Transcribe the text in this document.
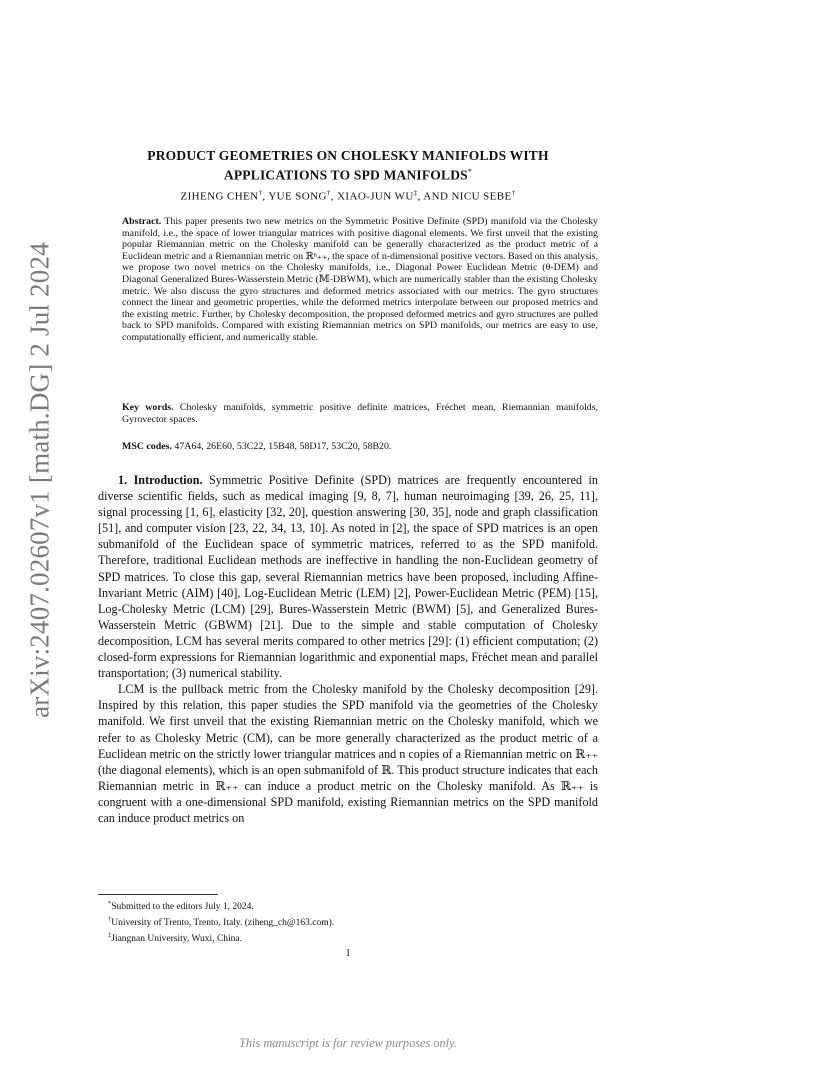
arXiv:2407.02607v1 [math.DG] 2 Jul 2024
PRODUCT GEOMETRIES ON CHOLESKY MANIFOLDS WITH
APPLICATIONS TO SPD MANIFOLDS*
ZIHENG CHEN†, YUE SONG†, XIAO-JUN WU‡, AND NICU SEBE†
Abstract. This paper presents two new metrics on the Symmetric Positive Definite (SPD) manifold via the Cholesky manifold, i.e., the space of lower triangular matrices with positive diagonal elements. We first unveil that the existing popular Riemannian metric on the Cholesky manifold can be generally characterized as the product metric of a Euclidean metric and a Riemannian metric on ℝⁿ₊₊, the space of n-dimensional positive vectors. Based on this analysis, we propose two novel metrics on the Cholesky manifolds, i.e., Diagonal Power Euclidean Metric (θ-DEM) and Diagonal Generalized Bures-Wasserstein Metric (𝕄-DBWM), which are numerically stabler than the existing Cholesky metric. We also discuss the gyro structures and deformed metrics associated with our metrics. The gyro structures connect the linear and geometric properties, while the deformed metrics interpolate between our proposed metrics and the existing metric. Further, by Cholesky decomposition, the proposed deformed metrics and gyro structures are pulled back to SPD manifolds. Compared with existing Riemannian metrics on SPD manifolds, our metrics are easy to use, computationally efficient, and numerically stable.
Key words. Cholesky manifolds, symmetric positive definite matrices, Fréchet mean, Riemannian manifolds, Gyrovector spaces.
MSC codes. 47A64, 26E60, 53C22, 15B48, 58D17, 53C20, 58B20.

1. Introduction. Symmetric Positive Definite (SPD) matrices are frequently encountered in diverse scientific fields, such as medical imaging [9, 8, 7], human neuroimaging [39, 26, 25, 11], signal processing [1, 6], elasticity [32, 20], question answering [30, 35], node and graph classification [51], and computer vision [23, 22, 34, 13, 10]. As noted in [2], the space of SPD matrices is an open submanifold of the Euclidean space of symmetric matrices, referred to as the SPD manifold. Therefore, traditional Euclidean methods are ineffective in handling the non-Euclidean geometry of SPD matrices. To close this gap, several Riemannian metrics have been proposed, including Affine-Invariant Metric (AIM) [40], Log-Euclidean Metric (LEM) [2], Power-Euclidean Metric (PEM) [15], Log-Cholesky Metric (LCM) [29], Bures-Wasserstein Metric (BWM) [5], and Generalized Bures-Wasserstein Metric (GBWM) [21]. Due to the simple and stable computation of Cholesky decomposition, LCM has several merits compared to other metrics [29]: (1) efficient computation; (2) closed-form expressions for Riemannian logarithmic and exponential maps, Fréchet mean and parallel transportation; (3) numerical stability.

LCM is the pullback metric from the Cholesky manifold by the Cholesky decomposition [29]. Inspired by this relation, this paper studies the SPD manifold via the geometries of the Cholesky manifold. We first unveil that the existing Riemannian metric on the Cholesky manifold, which we refer to as Cholesky Metric (CM), can be more generally characterized as the product metric of a Euclidean metric on the strictly lower triangular matrices and n copies of a Riemannian metric on ℝ₊₊ (the diagonal elements), which is an open submanifold of ℝ. This product structure indicates that each Riemannian metric in ℝ₊₊ can induce a product metric on the Cholesky manifold. As ℝ₊₊ is congruent with a one-dimensional SPD manifold, existing Riemannian metrics on the SPD manifold can induce product metrics on

*Submitted to the editors July 1, 2024.
†University of Trento, Trento, Italy. (ziheng_ch@163.com).
‡Jiangnan University, Wuxi, China.
1
This manuscript is for review purposes only.
